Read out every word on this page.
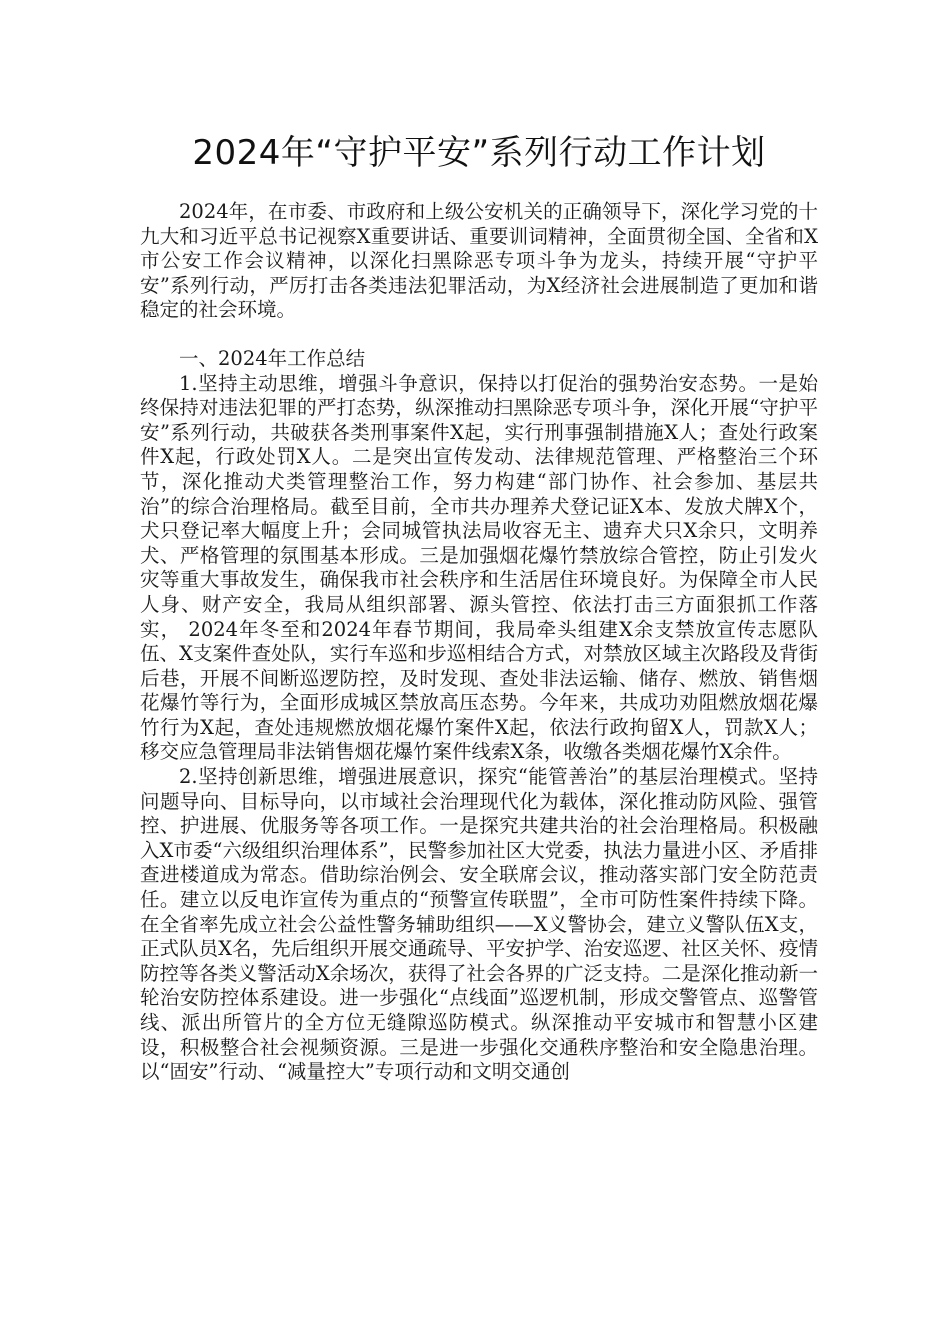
2024年“守护平安”系列行动工作计划

2024年，在市委、市政府和上级公安机关的正确领导下，深化学习党的十九大和习近平总书记视察X重要讲话、重要训词精神，全面贯彻全国、全省和X市公安工作会议精神，以深化扫黑除恶专项斗争为龙头，持续开展“守护平安”系列行动，严厉打击各类违法犯罪活动，为X经济社会进展制造了更加和谐稳定的社会环境。

一、2024年工作总结

1.坚持主动思维，增强斗争意识，保持以打促治的强势治安态势。一是始终保持对违法犯罪的严打态势，纵深推动扫黑除恶专项斗争，深化开展“守护平安”系列行动，共破获各类刑事案件X起，实行刑事强制措施X人；查处行政案件X起，行政处罚X人。二是突出宣传发动、法律规范管理、严格整治三个环节，深化推动犬类管理整治工作，努力构建“部门协作、社会参加、基层共治”的综合治理格局。截至目前，全市共办理养犬登记证X本、发放犬牌X个，犬只登记率大幅度上升；会同城管执法局收容无主、遗弃犬只X余只，文明养犬、严格管理的氛围基本形成。三是加强烟花爆竹禁放综合管控，防止引发火灾等重大事故发生，确保我市社会秩序和生活居住环境良好。为保障全市人民人身、财产安全，我局从组织部署、源头管控、依法打击三方面狠抓工作落实， 2024年冬至和2024年春节期间，我局牵头组建X余支禁放宣传志愿队伍、X支案件查处队，实行车巡和步巡相结合方式，对禁放区域主次路段及背街后巷，开展不间断巡逻防控，及时发现、查处非法运输、储存、燃放、销售烟花爆竹等行为，全面形成城区禁放高压态势。今年来，共成功劝阻燃放烟花爆竹行为X起，查处违规燃放烟花爆竹案件X起，依法行政拘留X人，罚款X人；移交应急管理局非法销售烟花爆竹案件线索X条，收缴各类烟花爆竹X余件。

2.坚持创新思维，增强进展意识，探究“能管善治”的基层治理模式。坚持问题导向、目标导向，以市域社会治理现代化为载体，深化推动防风险、强管控、护进展、优服务等各项工作。一是探究共建共治的社会治理格局。积极融入X市委“六级组织治理体系”，民警参加社区大党委，执法力量进小区、矛盾排查进楼道成为常态。借助综治例会、安全联席会议，推动落实部门安全防范责任。建立以反电诈宣传为重点的“预警宣传联盟”，全市可防性案件持续下降。在全省率先成立社会公益性警务辅助组织——X义警协会，建立义警队伍X支，正式队员X名，先后组织开展交通疏导、平安护学、治安巡逻、社区关怀、疫情防控等各类义警活动X余场次，获得了社会各界的广泛支持。二是深化推动新一轮治安防控体系建设。进一步强化“点线面”巡逻机制，形成交警管点、巡警管线、派出所管片的全方位无缝隙巡防模式。纵深推动平安城市和智慧小区建设，积极整合社会视频资源。三是进一步强化交通秩序整治和安全隐患治理。以“固安”行动、“减量控大”专项行动和文明交通创
